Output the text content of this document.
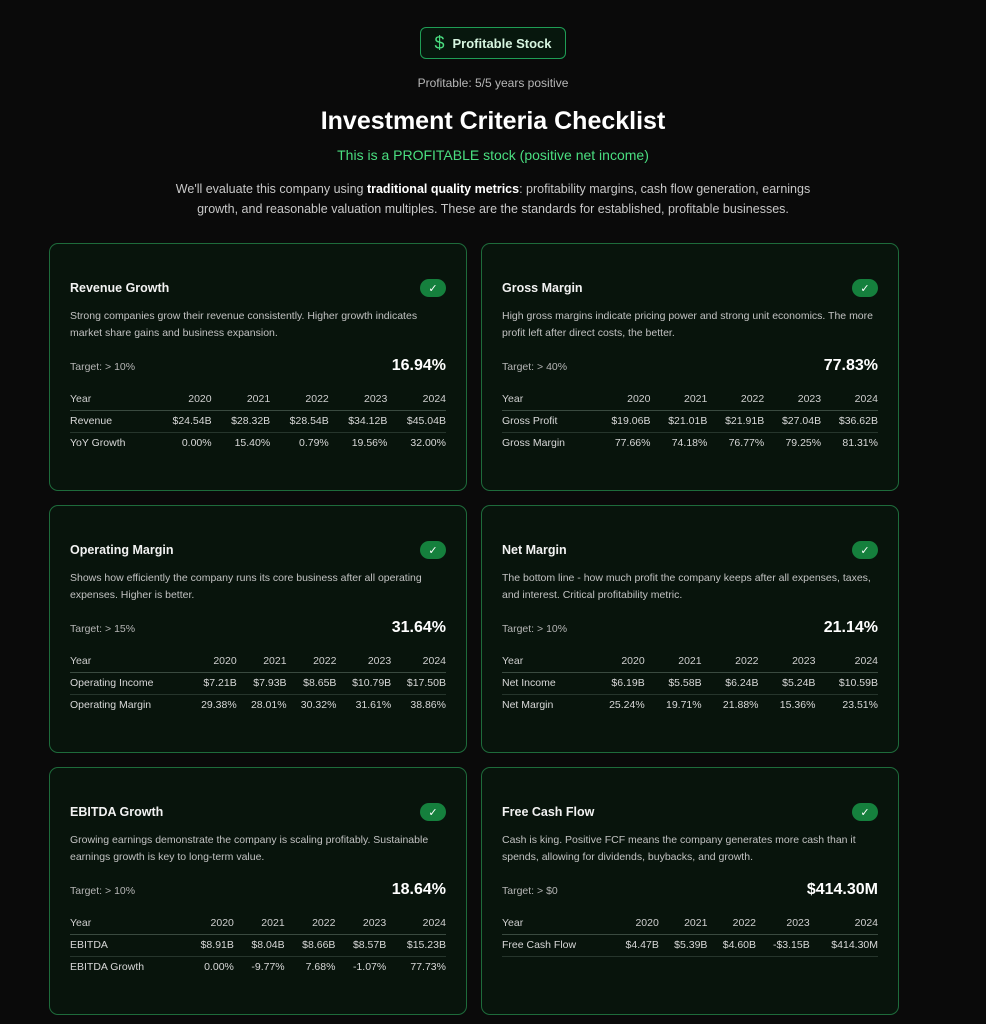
$ Profitable Stock
Profitable: 5/5 years positive
Investment Criteria Checklist
This is a PROFITABLE stock (positive net income)

We'll evaluate this company using traditional quality metrics: profitability margins, cash flow generation, earnings growth, and reasonable valuation multiples. These are the standards for established, profitable businesses.

Revenue Growth	✓
Strong companies grow their revenue consistently. Higher growth indicates market share gains and business expansion.
Target: > 10%	16.94%
Year	2020	2021	2022	2023	2024
Revenue	$24.54B	$28.32B	$28.54B	$34.12B	$45.04B
YoY Growth	0.00%	15.40%	0.79%	19.56%	32.00%
Gross Margin	✓
High gross margins indicate pricing power and strong unit economics. The more profit left after direct costs, the better.
Target: > 40%	77.83%
Year	2020	2021	2022	2023	2024
Gross Profit	$19.06B	$21.01B	$21.91B	$27.04B	$36.62B
Gross Margin	77.66%	74.18%	76.77%	79.25%	81.31%
Operating Margin	✓
Shows how efficiently the company runs its core business after all operating expenses. Higher is better.
Target: > 15%	31.64%
Year	2020	2021	2022	2023	2024
Operating Income	$7.21B	$7.93B	$8.65B	$10.79B	$17.50B
Operating Margin	29.38%	28.01%	30.32%	31.61%	38.86%
Net Margin	✓
The bottom line - how much profit the company keeps after all expenses, taxes, and interest. Critical profitability metric.
Target: > 10%	21.14%
Year	2020	2021	2022	2023	2024
Net Income	$6.19B	$5.58B	$6.24B	$5.24B	$10.59B
Net Margin	25.24%	19.71%	21.88%	15.36%	23.51%
EBITDA Growth	✓
Growing earnings demonstrate the company is scaling profitably. Sustainable earnings growth is key to long-term value.
Target: > 10%	18.64%
Year	2020	2021	2022	2023	2024
EBITDA	$8.91B	$8.04B	$8.66B	$8.57B	$15.23B
EBITDA Growth	0.00%	-9.77%	7.68%	-1.07%	77.73%
Free Cash Flow	✓
Cash is king. Positive FCF means the company generates more cash than it spends, allowing for dividends, buybacks, and growth.
Target: > $0	$414.30M
Year	2020	2021	2022	2023	2024
Free Cash Flow	$4.47B	$5.39B	$4.60B	-$3.15B	$414.30M
